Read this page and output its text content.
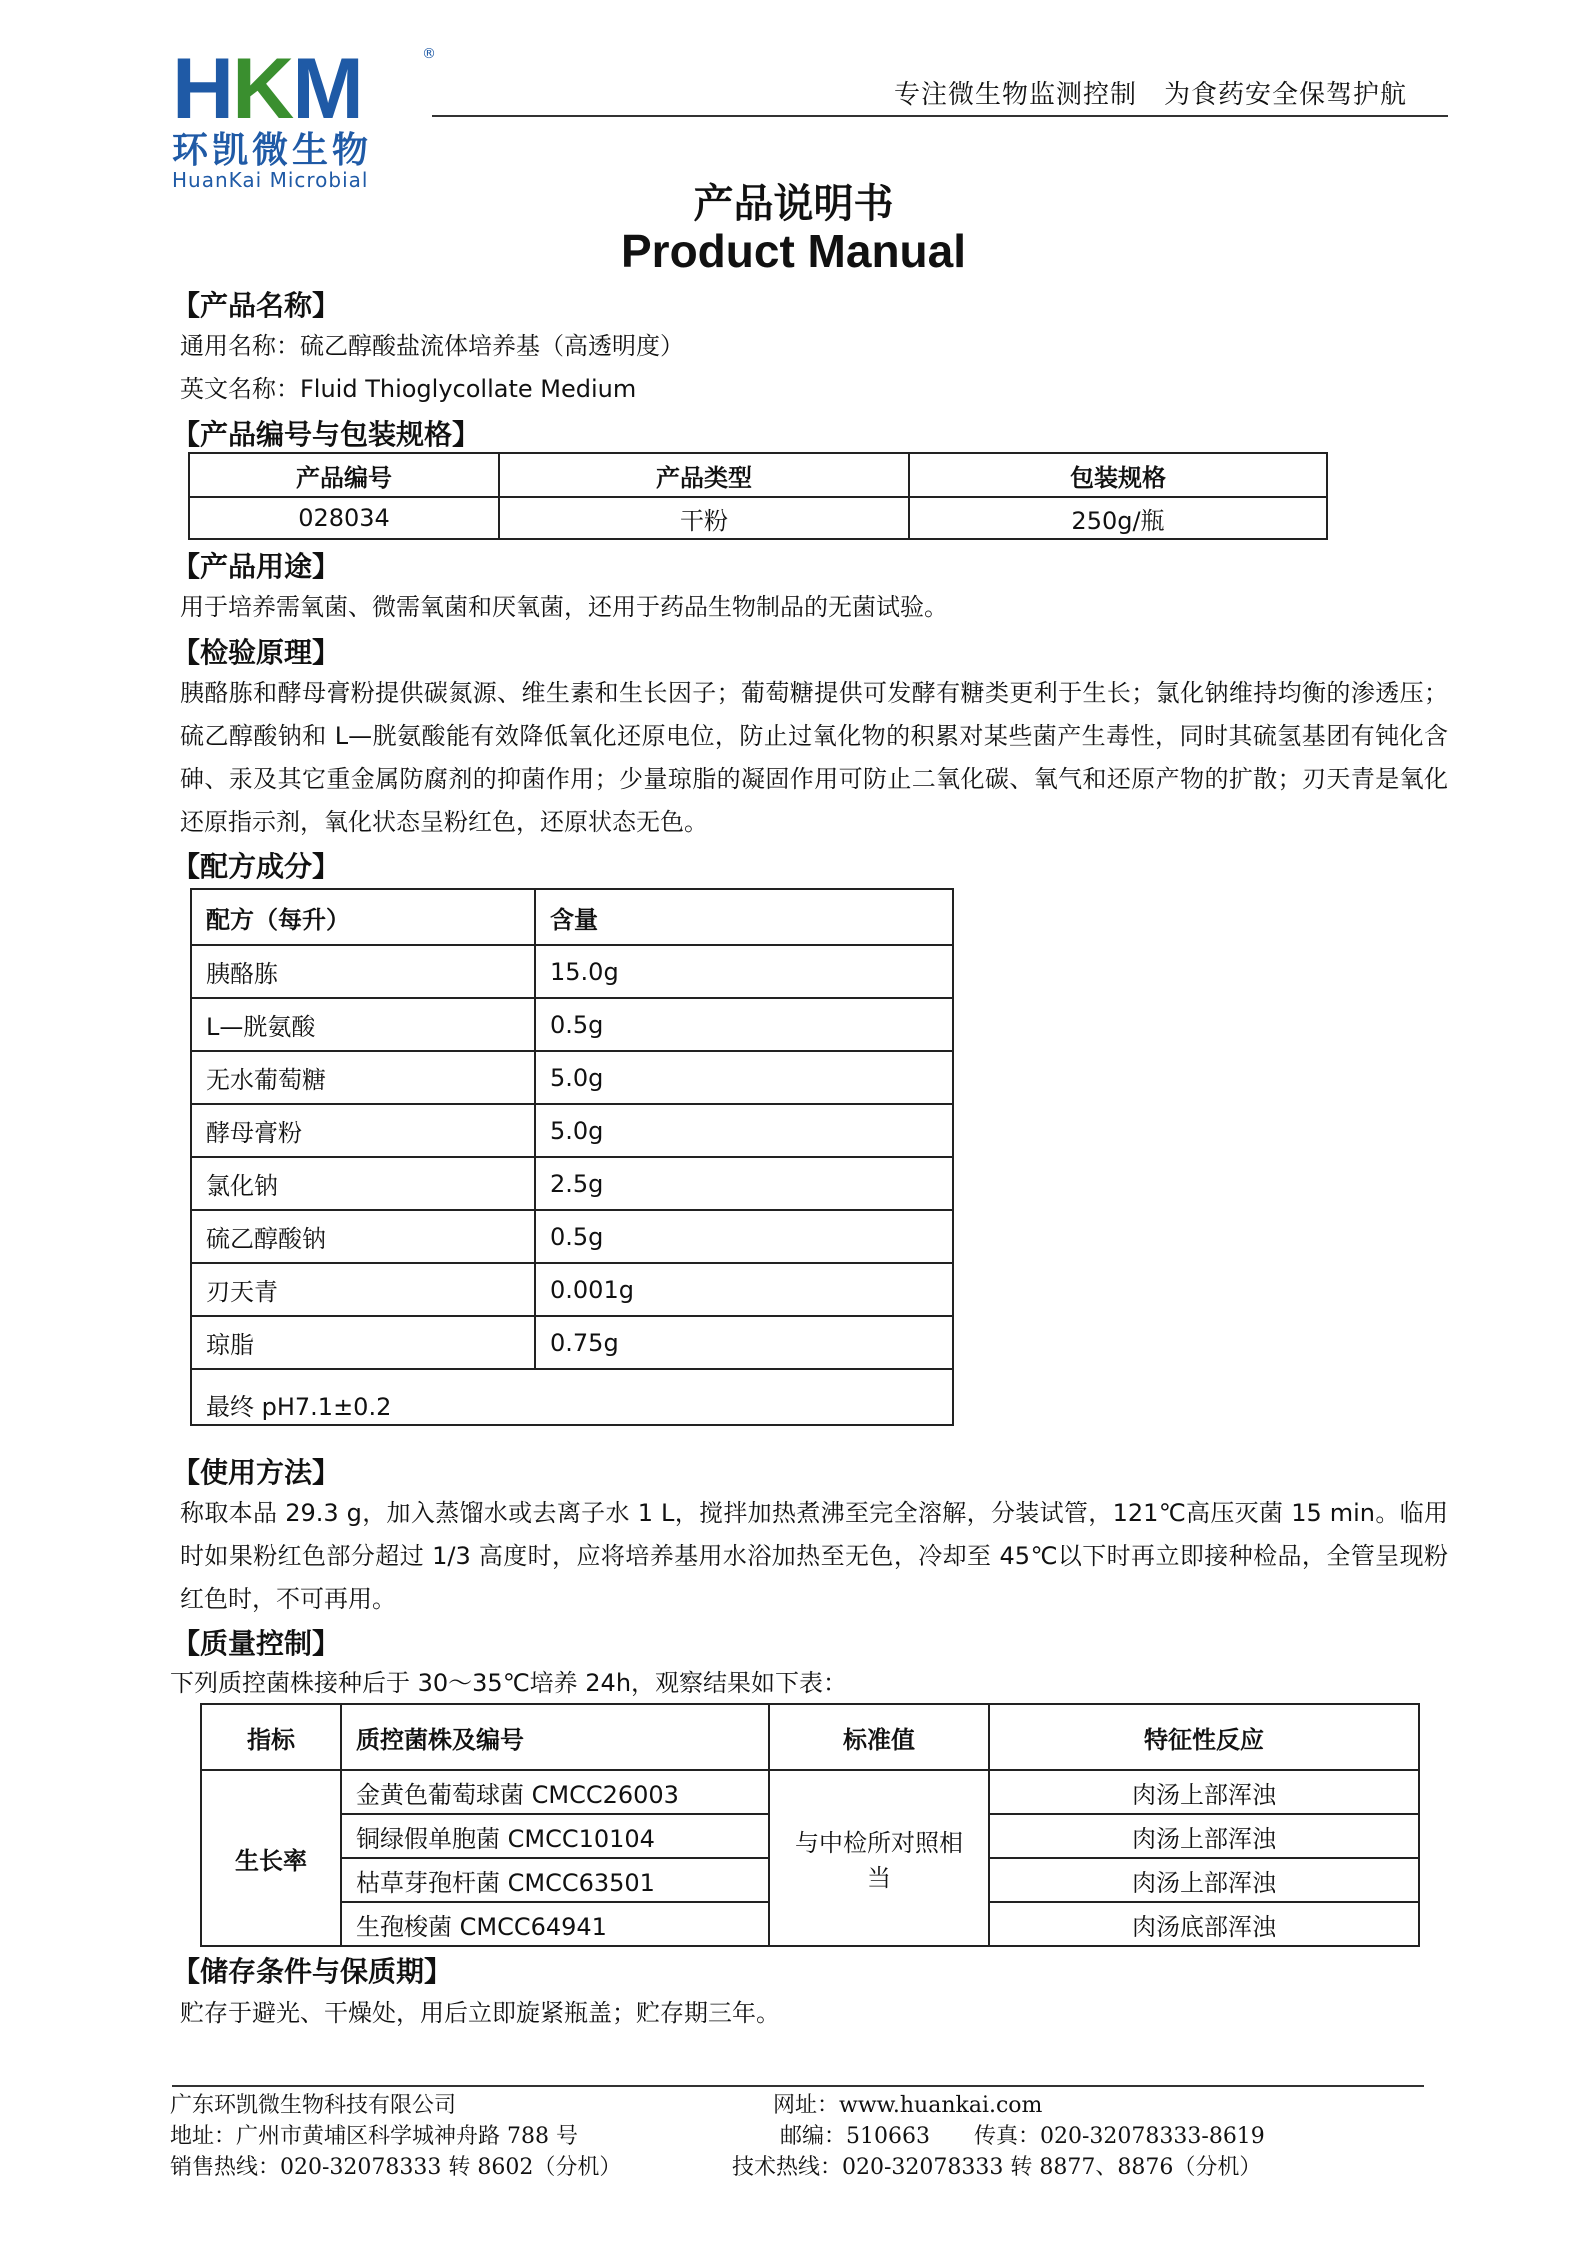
HKM	®
环凯微生物
HuanKai Microbial
专注微生物监测控制　为食药安全保驾护航
产品说明书
Product Manual
【产品名称】
通用名称：硫乙醇酸盐流体培养基（高透明度）
英文名称：Fluid Thioglycollate Medium
【产品编号与包装规格】
产品编号	产品类型	包装规格
028034	干粉	250g/瓶
【产品用途】
用于培养需氧菌、微需氧菌和厌氧菌，还用于药品生物制品的无菌试验。
【检验原理】
胰酪胨和酵母膏粉提供碳氮源、维生素和生长因子；葡萄糖提供可发酵有糖类更利于生长；氯化钠维持均衡的渗透压；硫乙醇酸钠和 L—胱氨酸能有效降低氧化还原电位，防止过氧化物的积累对某些菌产生毒性，同时其硫氢基团有钝化含砷、汞及其它重金属防腐剂的抑菌作用；少量琼脂的凝固作用可防止二氧化碳、氧气和还原产物的扩散；刃天青是氧化还原指示剂，氧化状态呈粉红色，还原状态无色。
【配方成分】
配方（每升）	含量
胰酪胨	15.0g
L—胱氨酸	0.5g
无水葡萄糖	5.0g
酵母膏粉	5.0g
氯化钠	2.5g
硫乙醇酸钠	0.5g
刃天青	0.001g
琼脂	0.75g
最终 pH7.1±0.2	
【使用方法】
称取本品 29.3 g，加入蒸馏水或去离子水 1 L，搅拌加热煮沸至完全溶解，分装试管，121℃高压灭菌 15 min。临用时如果粉红色部分超过 1/3 高度时，应将培养基用水浴加热至无色，冷却至 45℃以下时再立即接种检品，全管呈现粉红色时，不可再用。
【质量控制】
下列质控菌株接种后于 30～35℃培养 24h，观察结果如下表：
指标	质控菌株及编号	标准值	特征性反应
生长率	金黄色葡萄球菌 CMCC26003	与中检所对照相当	肉汤上部浑浊
	铜绿假单胞菌 CMCC10104		肉汤上部浑浊
	枯草芽孢杆菌 CMCC63501		肉汤上部浑浊
	生孢梭菌 CMCC64941		肉汤底部浑浊
【储存条件与保质期】
贮存于避光、干燥处，用后立即旋紧瓶盖；贮存期三年。
广东环凯微生物科技有限公司
地址：广州市黄埔区科学城神舟路 788 号
销售热线：020-32078333 转 8602（分机）
网址：www.huankai.com
邮编：510663　　传真：020-32078333-8619
技术热线：020-32078333 转 8877、8876（分机）
